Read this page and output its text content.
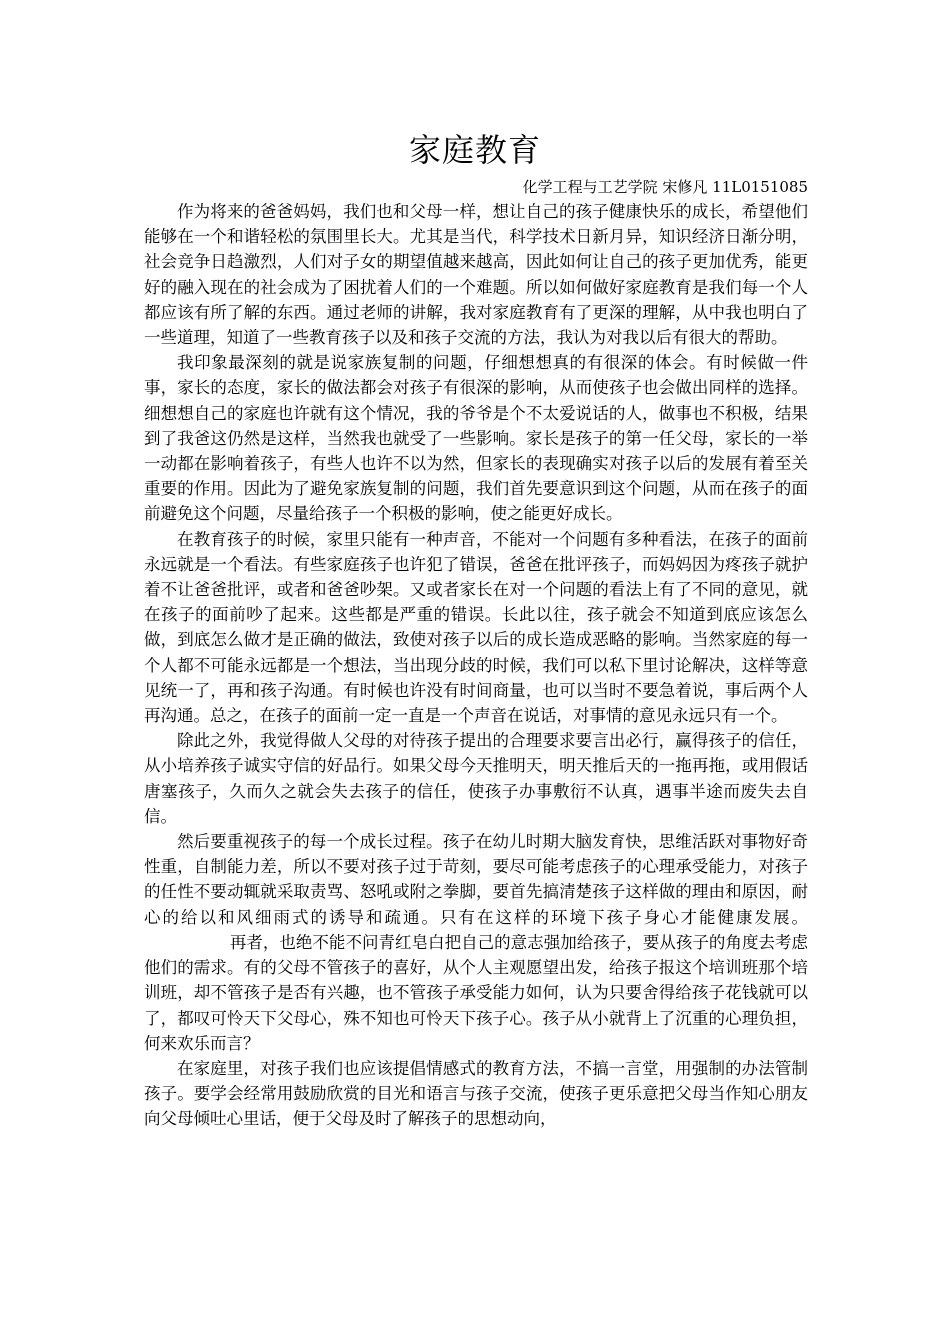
家庭教育

化学工程与工艺学院 宋修凡 11L0151085

作为将来的爸爸妈妈，我们也和父母一样，想让自己的孩子健康快乐的成长，希望他们能够在一个和谐轻松的氛围里长大。尤其是当代，科学技术日新月异，知识经济日渐分明，社会竞争日趋激烈，人们对子女的期望值越来越高，因此如何让自己的孩子更加优秀，能更好的融入现在的社会成为了困扰着人们的一个难题。所以如何做好家庭教育是我们每一个人都应该有所了解的东西。通过老师的讲解，我对家庭教育有了更深的理解，从中我也明白了一些道理，知道了一些教育孩子以及和孩子交流的方法，我认为对我以后有很大的帮助。

我印象最深刻的就是说家族复制的问题，仔细想想真的有很深的体会。有时候做一件事，家长的态度，家长的做法都会对孩子有很深的影响，从而使孩子也会做出同样的选择。细想想自己的家庭也许就有这个情况，我的爷爷是个不太爱说话的人，做事也不积极，结果到了我爸这仍然是这样，当然我也就受了一些影响。家长是孩子的第一任父母，家长的一举一动都在影响着孩子，有些人也许不以为然，但家长的表现确实对孩子以后的发展有着至关重要的作用。因此为了避免家族复制的问题，我们首先要意识到这个问题，从而在孩子的面前避免这个问题，尽量给孩子一个积极的影响，使之能更好成长。

在教育孩子的时候，家里只能有一种声音，不能对一个问题有多种看法，在孩子的面前永远就是一个看法。有些家庭孩子也许犯了错误，爸爸在批评孩子，而妈妈因为疼孩子就护着不让爸爸批评，或者和爸爸吵架。又或者家长在对一个问题的看法上有了不同的意见，就在孩子的面前吵了起来。这些都是严重的错误。长此以往，孩子就会不知道到底应该怎么做，到底怎么做才是正确的做法，致使对孩子以后的成长造成恶略的影响。当然家庭的每一个人都不可能永远都是一个想法，当出现分歧的时候，我们可以私下里讨论解决，这样等意见统一了，再和孩子沟通。有时候也许没有时间商量，也可以当时不要急着说，事后两个人再沟通。总之，在孩子的面前一定一直是一个声音在说话，对事情的意见永远只有一个。

除此之外，我觉得做人父母的对待孩子提出的合理要求要言出必行，赢得孩子的信任，从小培养孩子诚实守信的好品行。如果父母今天推明天，明天推后天的一拖再拖，或用假话唐塞孩子，久而久之就会失去孩子的信任，使孩子办事敷衍不认真，遇事半途而废失去自信。

然后要重视孩子的每一个成长过程。孩子在幼儿时期大脑发育快，思维活跃对事物好奇性重，自制能力差，所以不要对孩子过于苛刻，要尽可能考虑孩子的心理承受能力，对孩子的任性不要动辄就采取责骂、怒吼或附之拳脚，要首先搞清楚孩子这样做的理由和原因，耐心的给以和风细雨式的诱导和疏通。只有在这样的环境下孩子身心才能健康发展。再者，也绝不能不问青红皂白把自己的意志强加给孩子，要从孩子的角度去考虑他们的需求。有的父母不管孩子的喜好，从个人主观愿望出发，给孩子报这个培训班那个培训班，却不管孩子是否有兴趣，也不管孩子承受能力如何，认为只要舍得给孩子花钱就可以了，都叹可怜天下父母心，殊不知也可怜天下孩子心。孩子从小就背上了沉重的心理负担，何来欢乐而言？

在家庭里，对孩子我们也应该提倡情感式的教育方法，不搞一言堂，用强制的办法管制孩子。要学会经常用鼓励欣赏的目光和语言与孩子交流，使孩子更乐意把父母当作知心朋友向父母倾吐心里话，便于父母及时了解孩子的思想动向，
